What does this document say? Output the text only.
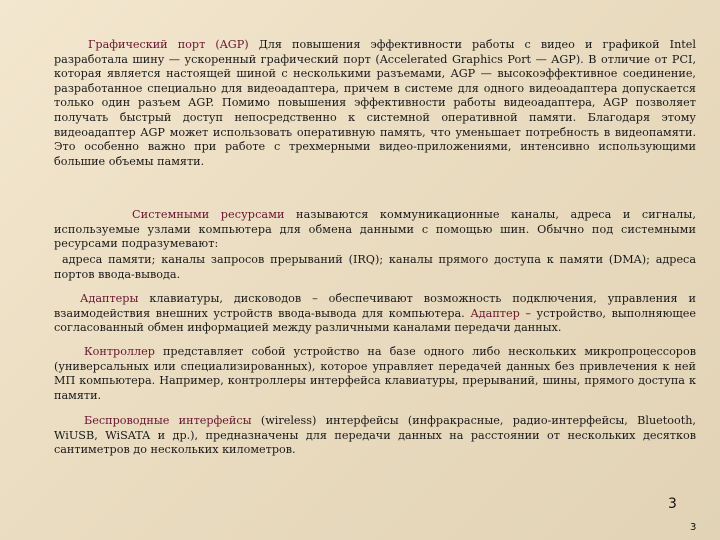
Графический порт (AGP) Для повышения эффективности работы с видео и графикой Intel разработала шину — ускоренный графический порт (Accelerated Graphics Port — AGP). В отличие от PCI, которая является настоящей шиной с несколькими разъемами, AGP — высокоэффективное соединение, разработанное специально для видеоадаптера, причем в системе для одного видеоадаптера допускается только один разъем AGP. Помимо повышения эффективности работы видеоадаптера, AGP позволяет получать быстрый доступ непосредственно к системной оперативной памяти. Благодаря этому видеоадаптер AGP может использовать оперативную память, что уменьшает потребность в видеопамяти. Это особенно важно при работе с трехмерными видео-приложениями, интенсивно использующими большие объемы памяти.

Системными ресурсами называются коммуникационные каналы, адреса и сигналы, используемые узлами компьютера для обмена данными с помощью шин. Обычно под системными ресурсами подразумевают:

адреса памяти; каналы запросов прерываний (IRQ); каналы прямого доступа к памяти (DMA); адреса портов ввода-вывода.

Адаптеры клавиатуры, дисководов – обеспечивают возможность подключения, управления и взаимодействия внешних устройств ввода-вывода для компьютера. Адаптер – устройство, выполняющее согласованный обмен информацией между различными каналами передачи данных.

Контроллер представляет собой устройство на базе одного либо нескольких микропроцессоров (универсальных или специализированных), которое управляет передачей данных без привлечения к ней МП компьютера. Например, контроллеры интерфейса клавиатуры, прерываний, шины, прямого доступа к памяти.

Беспроводные интерфейсы (wireless) интерфейсы (инфракрасные, радио-интерфейсы, Bluetooth, WiUSB, WiSATA и др.), предназначены для передачи данных на расстоянии от нескольких десятков сантиметров до нескольких километров.

3
3
